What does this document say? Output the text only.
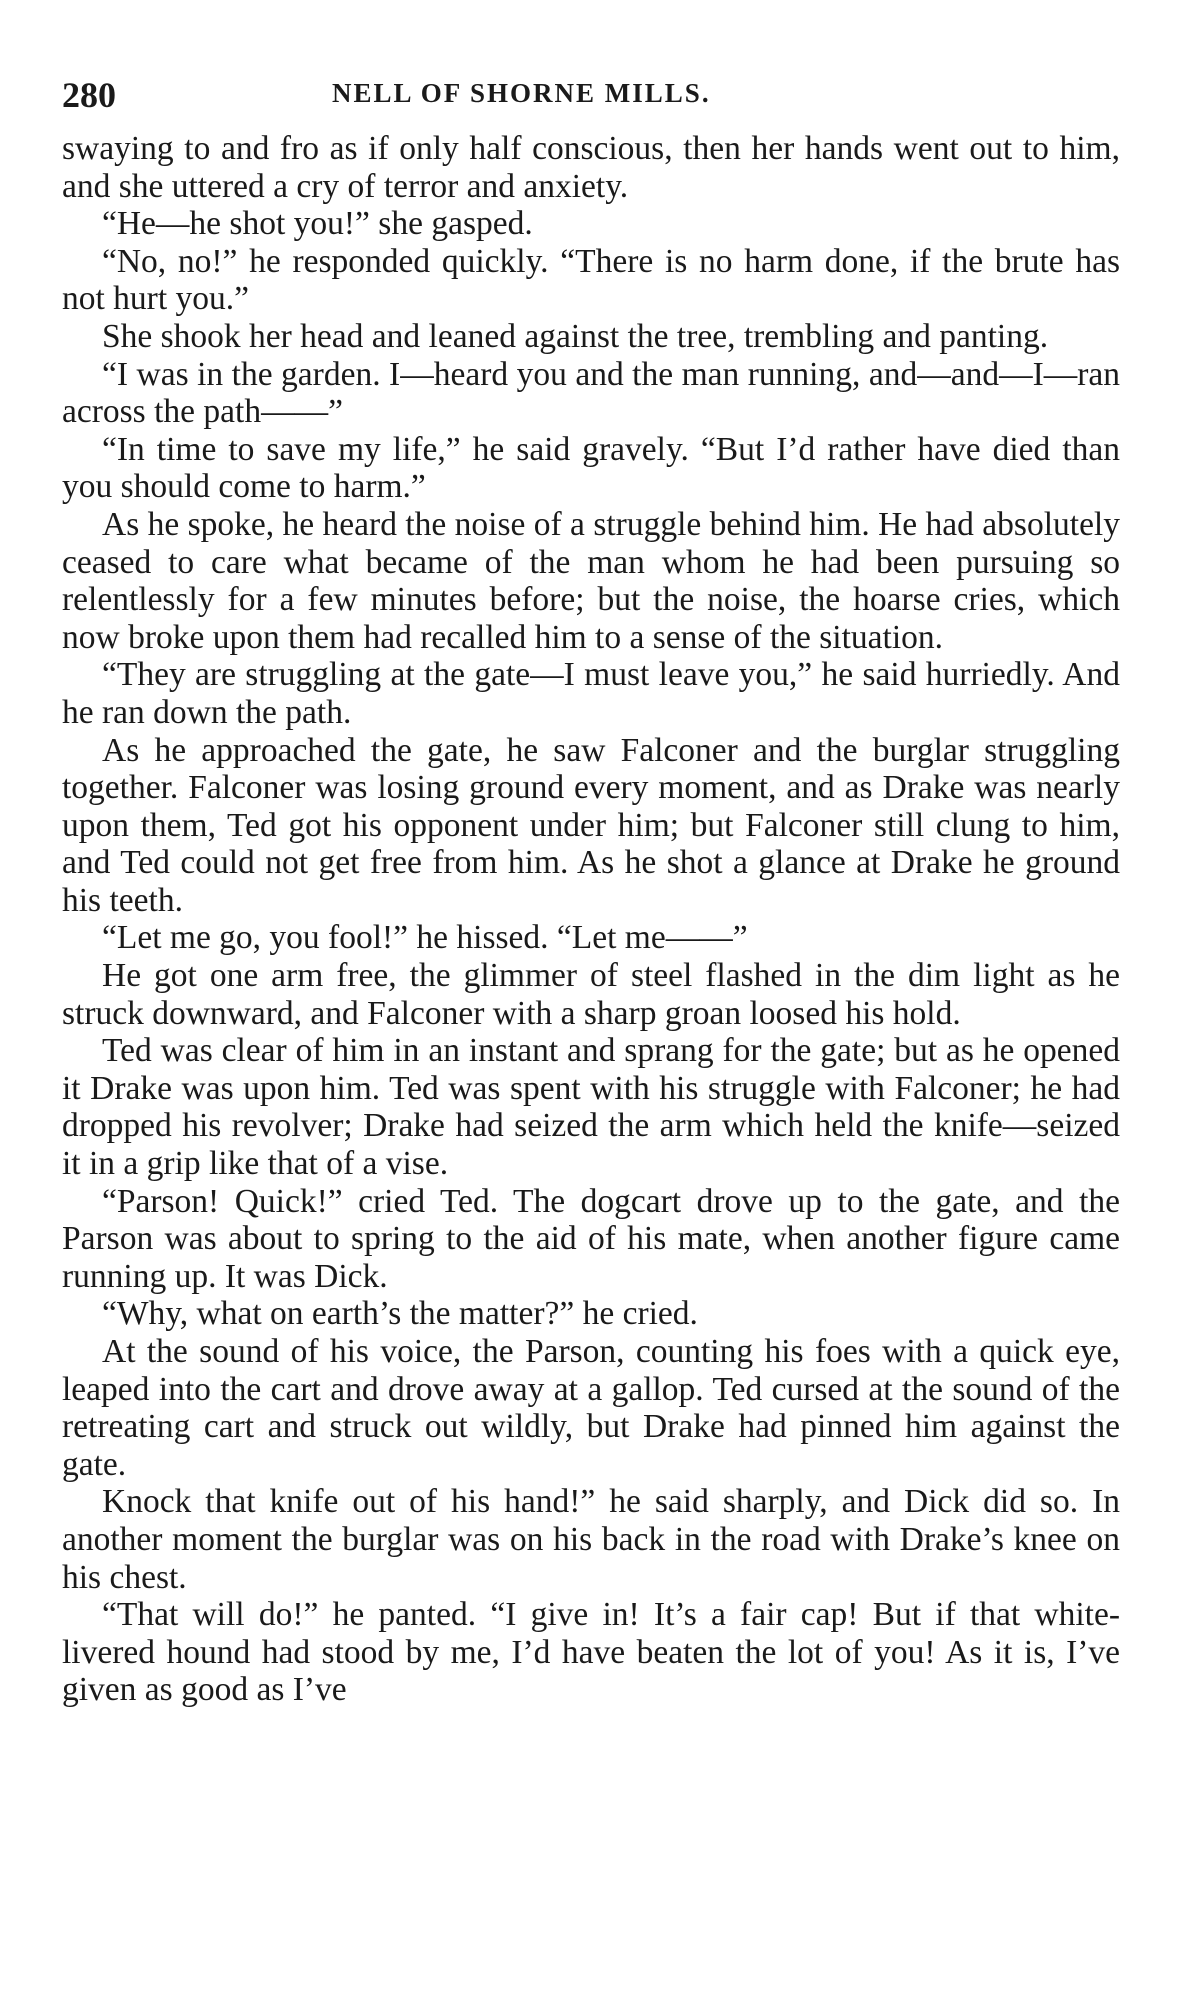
280	NELL OF SHORNE MILLS.

swaying to and fro as if only half conscious, then her hands went out to him, and she uttered a cry of terror and anxiety.

“He—he shot you!” she gasped.

“No, no!” he responded quickly. “There is no harm done, if the brute has not hurt you.”

She shook her head and leaned against the tree, trembling and panting.

“I was in the garden. I—heard you and the man running, and—and—I—ran across the path——”

“In time to save my life,” he said gravely. “But I’d rather have died than you should come to harm.”

As he spoke, he heard the noise of a struggle behind him. He had absolutely ceased to care what became of the man whom he had been pursuing so relentlessly for a few minutes before; but the noise, the hoarse cries, which now broke upon them had recalled him to a sense of the situation.

“They are struggling at the gate—I must leave you,” he said hurriedly. And he ran down the path.

As he approached the gate, he saw Falconer and the burglar struggling together. Falconer was losing ground every moment, and as Drake was nearly upon them, Ted got his opponent under him; but Falconer still clung to him, and Ted could not get free from him. As he shot a glance at Drake he ground his teeth.

“Let me go, you fool!” he hissed. “Let me——”

He got one arm free, the glimmer of steel flashed in the dim light as he struck downward, and Falconer with a sharp groan loosed his hold.

Ted was clear of him in an instant and sprang for the gate; but as he opened it Drake was upon him. Ted was spent with his struggle with Falconer; he had dropped his revolver; Drake had seized the arm which held the knife—seized it in a grip like that of a vise.

“Parson! Quick!” cried Ted. The dogcart drove up to the gate, and the Parson was about to spring to the aid of his mate, when another figure came running up. It was Dick.

“Why, what on earth’s the matter?” he cried.

At the sound of his voice, the Parson, counting his foes with a quick eye, leaped into the cart and drove away at a gallop. Ted cursed at the sound of the retreating cart and struck out wildly, but Drake had pinned him against the gate.

Knock that knife out of his hand!” he said sharply, and Dick did so. In another moment the burglar was on his back in the road with Drake’s knee on his chest.

“That will do!” he panted. “I give in! It’s a fair cap! But if that white-livered hound had stood by me, I’d have beaten the lot of you! As it is, I’ve given as good as I’ve
